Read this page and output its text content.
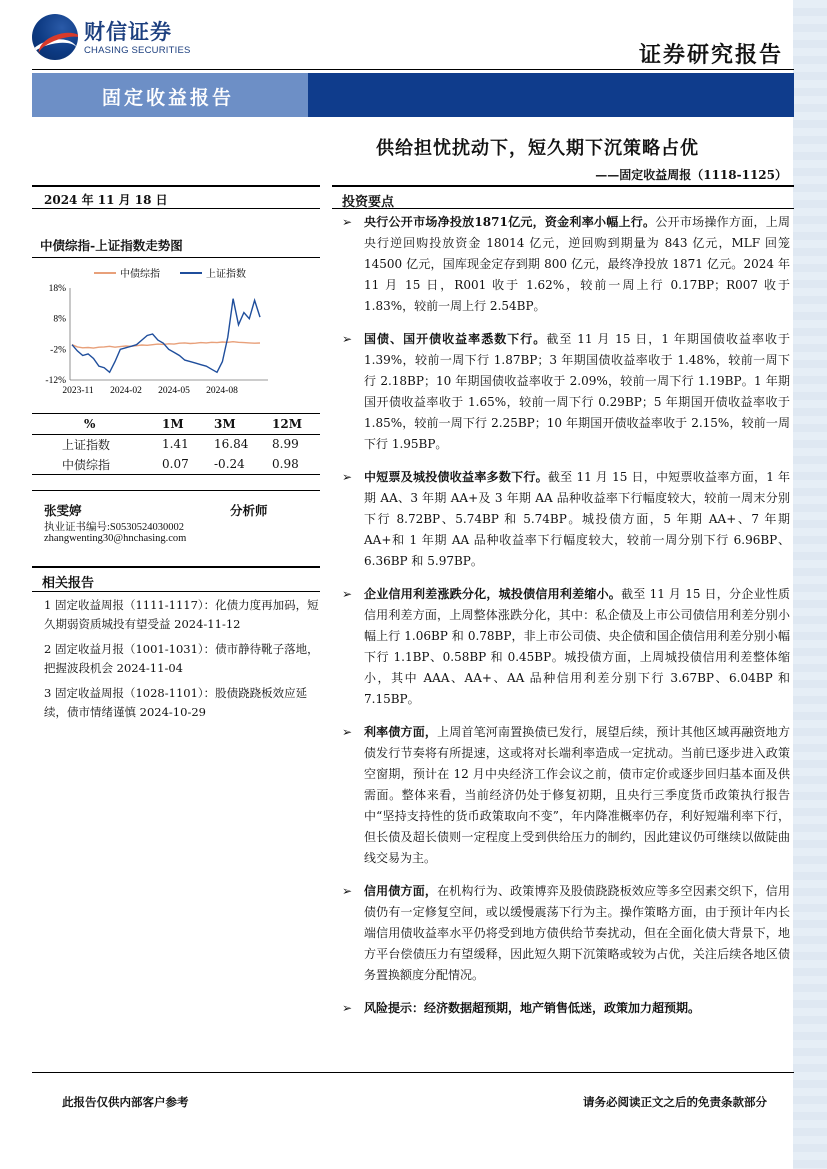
财信证券
CHASING SECURITIES	证券研究报告
固定收益报告
供给担忧扰动下，短久期下沉策略占优
——固定收益周报（1118-1125）
2024 年 11 月 18 日	投资要点
中债综指-上证指数走势图
18%
8%
-2%
-12%
2023-11 2024-02 2024-05 2024-08
中债综指	上证指数
%	1M	3M	12M
上证指数	1.41	16.84	8.99
中债综指	0.07	-0.24	0.98
张雯婷	分析师
执业证书编号:S0530524030002
zhangwenting30@hnchasing.com
相关报告
1 固定收益周报（1111-1117）：化债力度再加码，短久期弱资质城投有望受益 2024-11-12
2 固定收益月报（1001-1031）：债市静待靴子落地，把握波段机会 2024-11-04
3 固定收益周报（1028-1101）：股债跷跷板效应延续，债市情绪谨慎 2024-10-29
➢ 央行公开市场净投放1871亿元，资金利率小幅上行。公开市场操作方面，上周央行逆回购投放资金 18014 亿元，逆回购到期量为 843 亿元，MLF 回笼 14500 亿元，国库现金定存到期 800 亿元，最终净投放 1871 亿元。2024 年 11 月 15 日，R001 收于 1.62%，较前一周上行 0.17BP；R007 收于 1.83%，较前一周上行 2.54BP。
➢ 国债、国开债收益率悉数下行。截至 11 月 15 日，1 年期国债收益率收于 1.39%，较前一周下行 1.87BP；3 年期国债收益率收于 1.48%，较前一周下行 2.18BP；10 年期国债收益率收于 2.09%，较前一周下行 1.19BP。1 年期国开债收益率收于 1.65%，较前一周下行 0.29BP；5 年期国开债收益率收于 1.85%，较前一周下行 2.25BP；10 年期国开债收益率收于 2.15%，较前一周下行 1.95BP。
➢ 中短票及城投债收益率多数下行。截至 11 月 15 日，中短票收益率方面，1 年期 AA、3 年期 AA+及 3 年期 AA 品种收益率下行幅度较大，较前一周末分别下行 8.72BP、5.74BP 和 5.74BP。城投债方面，5 年期 AA+、7 年期 AA+和 1 年期 AA 品种收益率下行幅度较大，较前一周分别下行 6.96BP、6.36BP 和 5.97BP。
➢ 企业信用利差涨跌分化，城投债信用利差缩小。截至 11 月 15 日，分企业性质信用利差方面，上周整体涨跌分化，其中：私企债及上市公司债信用利差分别小幅上行 1.06BP 和 0.78BP，非上市公司债、央企债和国企债信用利差分别小幅下行 1.1BP、0.58BP 和 0.45BP。城投债方面，上周城投债信用利差整体缩小，其中 AAA、AA+、AA 品种信用利差分别下行 3.67BP、6.04BP 和 7.15BP。
➢ 利率债方面，上周首笔河南置换债已发行，展望后续，预计其他区域再融资地方债发行节奏将有所提速，这或将对长端利率造成一定扰动。当前已逐步进入政策空窗期，预计在 12 月中央经济工作会议之前，债市定价或逐步回归基本面及供需面。整体来看，当前经济仍处于修复初期，且央行三季度货币政策执行报告中“坚持支持性的货币政策取向不变”，年内降准概率仍存，利好短端利率下行，但长债及超长债则一定程度上受到供给压力的制约，因此建议仍可继续以做陡曲线交易为主。
➢ 信用债方面，在机构行为、政策博弈及股债跷跷板效应等多空因素交织下，信用债仍有一定修复空间，或以缓慢震荡下行为主。操作策略方面，由于预计年内长端信用债收益率水平仍将受到地方债供给节奏扰动，但在全面化债大背景下，地方平台偿债压力有望缓释，因此短久期下沉策略或较为占优，关注后续各地区债务置换额度分配情况。
➢ 风险提示：经济数据超预期，地产销售低迷，政策加力超预期。
此报告仅供内部客户参考	请务必阅读正文之后的免责条款部分
